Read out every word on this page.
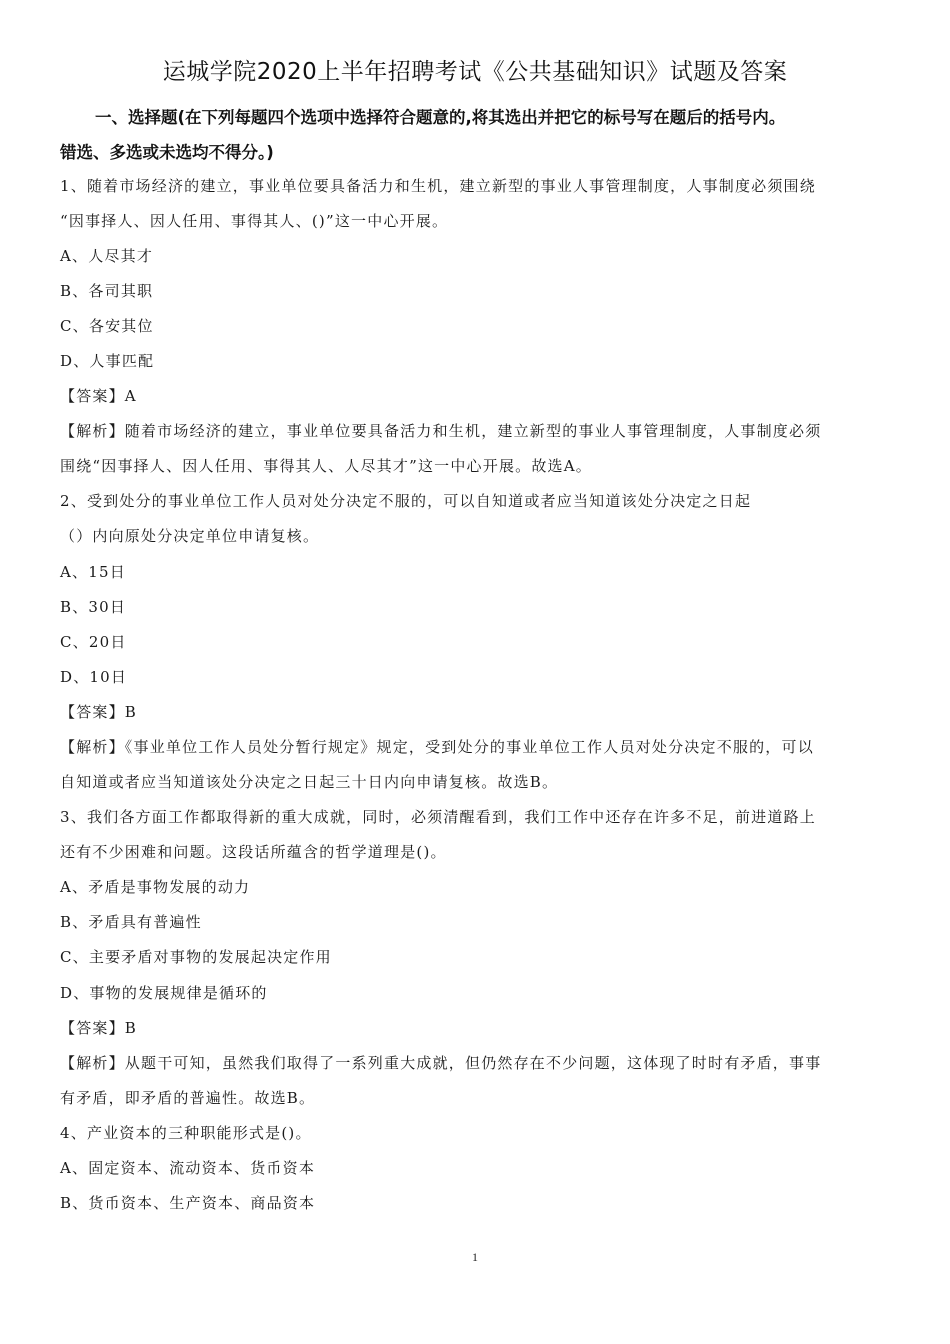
运城学院2020上半年招聘考试《公共基础知识》试题及答案
一、选择题(在下列每题四个选项中选择符合题意的,将其选出并把它的标号写在题后的括号内。
错选、多选或未选均不得分。)
1、随着市场经济的建立，事业单位要具备活力和生机，建立新型的事业人事管理制度，人事制度必须围绕
“因事择人、因人任用、事得其人、()”这一中心开展。
A、人尽其才
B、各司其职
C、各安其位
D、人事匹配
【答案】A
【解析】随着市场经济的建立，事业单位要具备活力和生机，建立新型的事业人事管理制度，人事制度必须
围绕“因事择人、因人任用、事得其人、人尽其才”这一中心开展。故选A。
2、受到处分的事业单位工作人员对处分决定不服的，可以自知道或者应当知道该处分决定之日起
（）内向原处分决定单位申请复核。
A、15日
B、30日
C、20日
D、10日
【答案】B
【解析】《事业单位工作人员处分暂行规定》规定，受到处分的事业单位工作人员对处分决定不服的，可以
自知道或者应当知道该处分决定之日起三十日内向申请复核。故选B。
3、我们各方面工作都取得新的重大成就，同时，必须清醒看到，我们工作中还存在许多不足，前进道路上
还有不少困难和问题。这段话所蕴含的哲学道理是()。
A、矛盾是事物发展的动力
B、矛盾具有普遍性
C、主要矛盾对事物的发展起决定作用
D、事物的发展规律是循环的
【答案】B
【解析】从题干可知，虽然我们取得了一系列重大成就，但仍然存在不少问题，这体现了时时有矛盾，事事
有矛盾，即矛盾的普遍性。故选B。
4、产业资本的三种职能形式是()。
A、固定资本、流动资本、货币资本
B、货币资本、生产资本、商品资本
1
